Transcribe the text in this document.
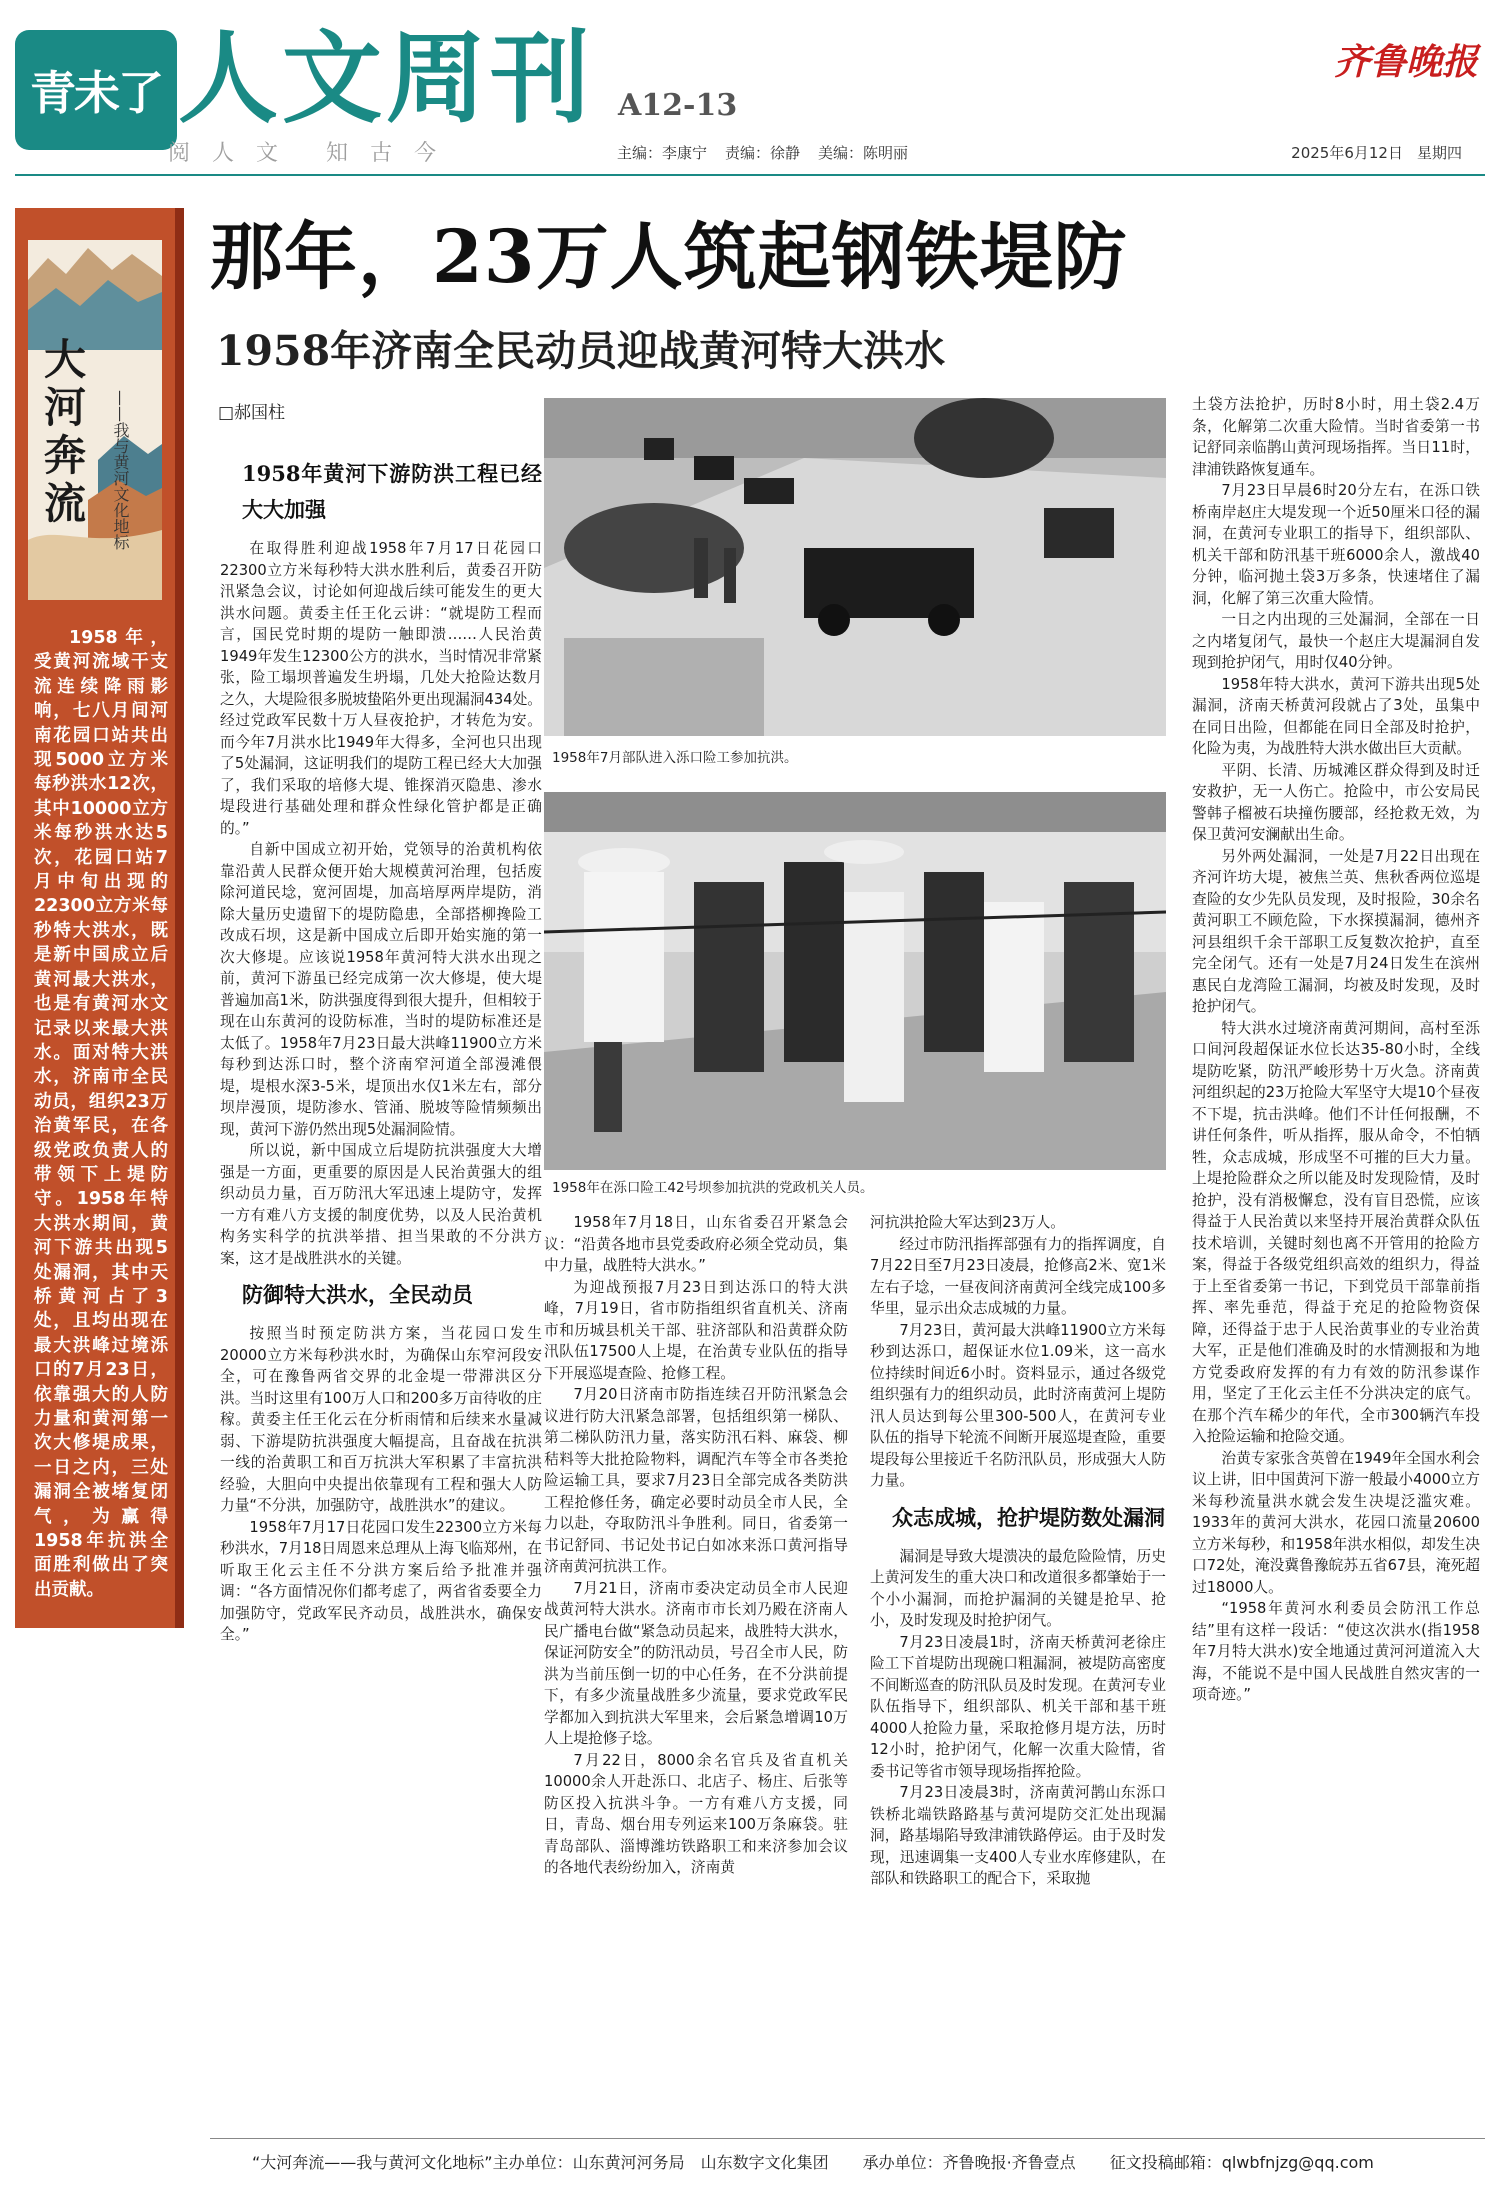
青未了 人文周刊 A12-13
齐鲁晚报
阅 人 文 知 古 今	主编：李康宁 责编：徐静 美编：陈明丽	2025年6月12日 星期四
大河奔流	——我与黄河文化地标
1958年，受黄河流域干支流连续降雨影响，七八月间河南花园口站共出现5000立方米每秒洪水12次，其中10000立方米每秒洪水达5次，花园口站7月中旬出现的22300立方米每秒特大洪水，既是新中国成立后黄河最大洪水，也是有黄河水文记录以来最大洪水。面对特大洪水，济南市全民动员，组织23万治黄军民，在各级党政负责人的带领下上堤防守。1958年特大洪水期间，黄河下游共出现5处漏洞，其中天桥黄河占了3处，且均出现在最大洪峰过境泺口的7月23日，依靠强大的人防力量和黄河第一次大修堤成果，一日之内，三处漏洞全被堵复闭气，为赢得1958年抗洪全面胜利做出了突出贡献。
那年，23万人筑起钢铁堤防
1958年济南全民动员迎战黄河特大洪水
□郝国柱
1958年黄河下游防洪工程已经大大加强

在取得胜利迎战1958年7月17日花园口22300立方米每秒特大洪水胜利后，黄委召开防汛紧急会议，讨论如何迎战后续可能发生的更大洪水问题。黄委主任王化云讲：“就堤防工程而言，国民党时期的堤防一触即溃……人民治黄1949年发生12300公方的洪水，当时情况非常紧张，险工塌坝普遍发生坍塌，几处大抢险达数月之久，大堤险很多脱坡蛰陷外更出现漏洞434处。经过党政军民数十万人昼夜抢护，才转危为安。而今年7月洪水比1949年大得多，全河也只出现了5处漏洞，这证明我们的堤防工程已经大大加强了，我们采取的培修大堤、锥探消灭隐患、渗水堤段进行基础处理和群众性绿化管护都是正确的。”

自新中国成立初开始，党领导的治黄机构依靠沿黄人民群众便开始大规模黄河治理，包括废除河道民埝，宽河固堤，加高培厚两岸堤防，消除大量历史遗留下的堤防隐患，全部搭柳搀险工改成石坝，这是新中国成立后即开始实施的第一次大修堤。应该说1958年黄河特大洪水出现之前，黄河下游虽已经完成第一次大修堤，使大堤普遍加高1米，防洪强度得到很大提升，但相较于现在山东黄河的设防标准，当时的堤防标准还是太低了。1958年7月23日最大洪峰11900立方米每秒到达泺口时，整个济南窄河道全部漫滩偎堤，堤根水深3-5米，堤顶出水仅1米左右，部分坝岸漫顶，堤防渗水、管涌、脱坡等险情频频出现，黄河下游仍然出现5处漏洞险情。

所以说，新中国成立后堤防抗洪强度大大增强是一方面，更重要的原因是人民治黄强大的组织动员力量，百万防汛大军迅速上堤防守，发挥一方有难八方支援的制度优势，以及人民治黄机构务实科学的抗洪举措、担当果敢的不分洪方案，这才是战胜洪水的关键。

防御特大洪水，全民动员

按照当时预定防洪方案，当花园口发生20000立方米每秒洪水时，为确保山东窄河段安全，可在豫鲁两省交界的北金堤一带滞洪区分洪。当时这里有100万人口和200多万亩待收的庄稼。黄委主任王化云在分析雨情和后续来水量减弱、下游堤防抗洪强度大幅提高，且奋战在抗洪一线的治黄职工和百万抗洪大军积累了丰富抗洪经验，大胆向中央提出依靠现有工程和强大人防力量“不分洪，加强防守，战胜洪水”的建议。

1958年7月17日花园口发生22300立方米每秒洪水，7月18日周恩来总理从上海飞临郑州，在听取王化云主任不分洪方案后给予批准并强调：“各方面情况你们都考虑了，两省省委要全力加强防守，党政军民齐动员，战胜洪水，确保安全。”

1958年7月部队进入泺口险工参加抗洪。
1958年在泺口险工42号坝参加抗洪的党政机关人员。

1958年7月18日，山东省委召开紧急会议：“沿黄各地市县党委政府必须全党动员，集中力量，战胜特大洪水。”

为迎战预报7月23日到达泺口的特大洪峰，7月19日，省市防指组织省直机关、济南市和历城县机关干部、驻济部队和沿黄群众防汛队伍17500人上堤，在治黄专业队伍的指导下开展巡堤查险、抢修工程。

7月20日济南市防指连续召开防汛紧急会议进行防大汛紧急部署，包括组织第一梯队、第二梯队防汛力量，落实防汛石料、麻袋、柳秸料等大批抢险物料，调配汽车等全市各类抢险运输工具，要求7月23日全部完成各类防洪工程抢修任务，确定必要时动员全市人民，全力以赴，夺取防汛斗争胜利。同日，省委第一书记舒同、书记处书记白如冰来泺口黄河指导济南黄河抗洪工作。

7月21日，济南市委决定动员全市人民迎战黄河特大洪水。济南市市长刘乃殿在济南人民广播电台做“紧急动员起来，战胜特大洪水，保证河防安全”的防汛动员，号召全市人民，防洪为当前压倒一切的中心任务，在不分洪前提下，有多少流量战胜多少流量，要求党政军民学都加入到抗洪大军里来，会后紧急增调10万人上堤抢修子埝。

7月22日，8000余名官兵及省直机关10000余人开赴泺口、北店子、杨庄、后张等防区投入抗洪斗争。一方有难八方支援，同日，青岛、烟台用专列运来100万条麻袋。驻青岛部队、淄博潍坊铁路职工和来济参加会议的各地代表纷纷加入，济南黄

河抗洪抢险大军达到23万人。

经过市防汛指挥部强有力的指挥调度，自7月22日至7月23日凌晨，抢修高2米、宽1米左右子埝，一昼夜间济南黄河全线完成100多华里，显示出众志成城的力量。

7月23日，黄河最大洪峰11900立方米每秒到达泺口，超保证水位1.09米，这一高水位持续时间近6小时。资料显示，通过各级党组织强有力的组织动员，此时济南黄河上堤防汛人员达到每公里300-500人，在黄河专业队伍的指导下轮流不间断开展巡堤查险，重要堤段每公里接近千名防汛队员，形成强大人防力量。

众志成城，抢护堤防数处漏洞

漏洞是导致大堤溃决的最危险险情，历史上黄河发生的重大决口和改道很多都肇始于一个小小漏洞，而抢护漏洞的关键是抢早、抢小，及时发现及时抢护闭气。

7月23日凌晨1时，济南天桥黄河老徐庄险工下首堤防出现碗口粗漏洞，被堤防高密度不间断巡查的防汛队员及时发现。在黄河专业队伍指导下，组织部队、机关干部和基干班4000人抢险力量，采取抢修月堤方法，历时12小时，抢护闭气，化解一次重大险情，省委书记等省市领导现场指挥抢险。

7月23日凌晨3时，济南黄河鹊山东泺口铁桥北端铁路路基与黄河堤防交汇处出现漏洞，路基塌陷导致津浦铁路停运。由于及时发现，迅速调集一支400人专业水库修建队，在部队和铁路职工的配合下，采取抛

土袋方法抢护，历时8小时，用土袋2.4万条，化解第二次重大险情。当时省委第一书记舒同亲临鹊山黄河现场指挥。当日11时，津浦铁路恢复通车。

7月23日早晨6时20分左右，在泺口铁桥南岸赵庄大堤发现一个近50厘米口径的漏洞，在黄河专业职工的指导下，组织部队、机关干部和防汛基干班6000余人，激战40分钟，临河抛土袋3万多条，快速堵住了漏洞，化解了第三次重大险情。

一日之内出现的三处漏洞，全部在一日之内堵复闭气，最快一个赵庄大堤漏洞自发现到抢护闭气，用时仅40分钟。

1958年特大洪水，黄河下游共出现5处漏洞，济南天桥黄河段就占了3处，虽集中在同日出险，但都能在同日全部及时抢护，化险为夷，为战胜特大洪水做出巨大贡献。

平阴、长清、历城滩区群众得到及时迁安救护，无一人伤亡。抢险中，市公安局民警韩子榴被石块撞伤腰部，经抢救无效，为保卫黄河安澜献出生命。

另外两处漏洞，一处是7月22日出现在齐河许坊大堤，被焦兰英、焦秋香两位巡堤查险的女少先队员发现，及时报险，30余名黄河职工不顾危险，下水探摸漏洞，德州齐河县组织千余干部职工反复数次抢护，直至完全闭气。还有一处是7月24日发生在滨州惠民白龙湾险工漏洞，均被及时发现，及时抢护闭气。

特大洪水过境济南黄河期间，高村至泺口间河段超保证水位长达35-80小时，全线堤防吃紧，防汛严峻形势十万火急。济南黄河组织起的23万抢险大军坚守大堤10个昼夜不下堤，抗击洪峰。他们不计任何报酬，不讲任何条件，听从指挥，服从命令，不怕牺牲，众志成城，形成坚不可摧的巨大力量。上堤抢险群众之所以能及时发现险情，及时抢护，没有消极懈怠，没有盲目恐慌，应该得益于人民治黄以来坚持开展治黄群众队伍技术培训，关键时刻也离不开管用的抢险方案，得益于各级党组织高效的组织力，得益于上至省委第一书记，下到党员干部靠前指挥、率先垂范，得益于充足的抢险物资保障，还得益于忠于人民治黄事业的专业治黄大军，正是他们准确及时的水情测报和为地方党委政府发挥的有力有效的防汛参谋作用，坚定了王化云主任不分洪决定的底气。在那个汽车稀少的年代，全市300辆汽车投入抢险运输和抢险交通。

治黄专家张含英曾在1949年全国水利会议上讲，旧中国黄河下游一般最小4000立方米每秒流量洪水就会发生决堤泛滥灾难。1933年的黄河大洪水，花园口流量20600立方米每秒，和1958年洪水相似，却发生决口72处，淹没冀鲁豫皖苏五省67县，淹死超过18000人。

“1958年黄河水利委员会防汛工作总结”里有这样一段话：“使这次洪水(指1958年7月特大洪水)安全地通过黄河河道流入大海，不能说不是中国人民战胜自然灾害的一项奇迹。”

“大河奔流——我与黄河文化地标”主办单位：山东黄河河务局　山东数字文化集团 承办单位：齐鲁晚报·齐鲁壹点 征文投稿邮箱：qlwbfnjzg@qq.com
